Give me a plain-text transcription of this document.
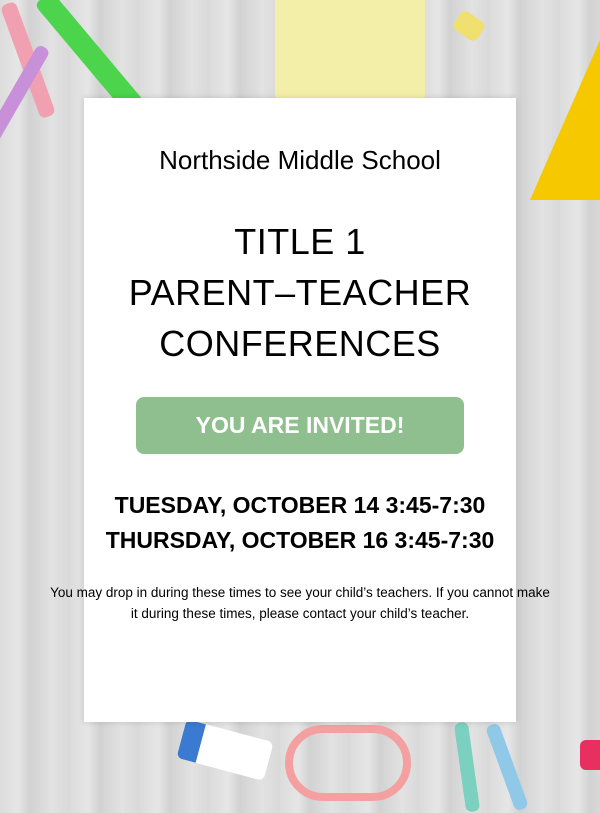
Northside Middle School
TITLE 1
PARENT–TEACHER
CONFERENCES
YOU ARE INVITED!
TUESDAY, OCTOBER 14 3:45-7:30
THURSDAY, OCTOBER 16 3:45-7:30
You may drop in during these times to see your child’s teachers. If you cannot make it during these times, please contact your child’s teacher.
